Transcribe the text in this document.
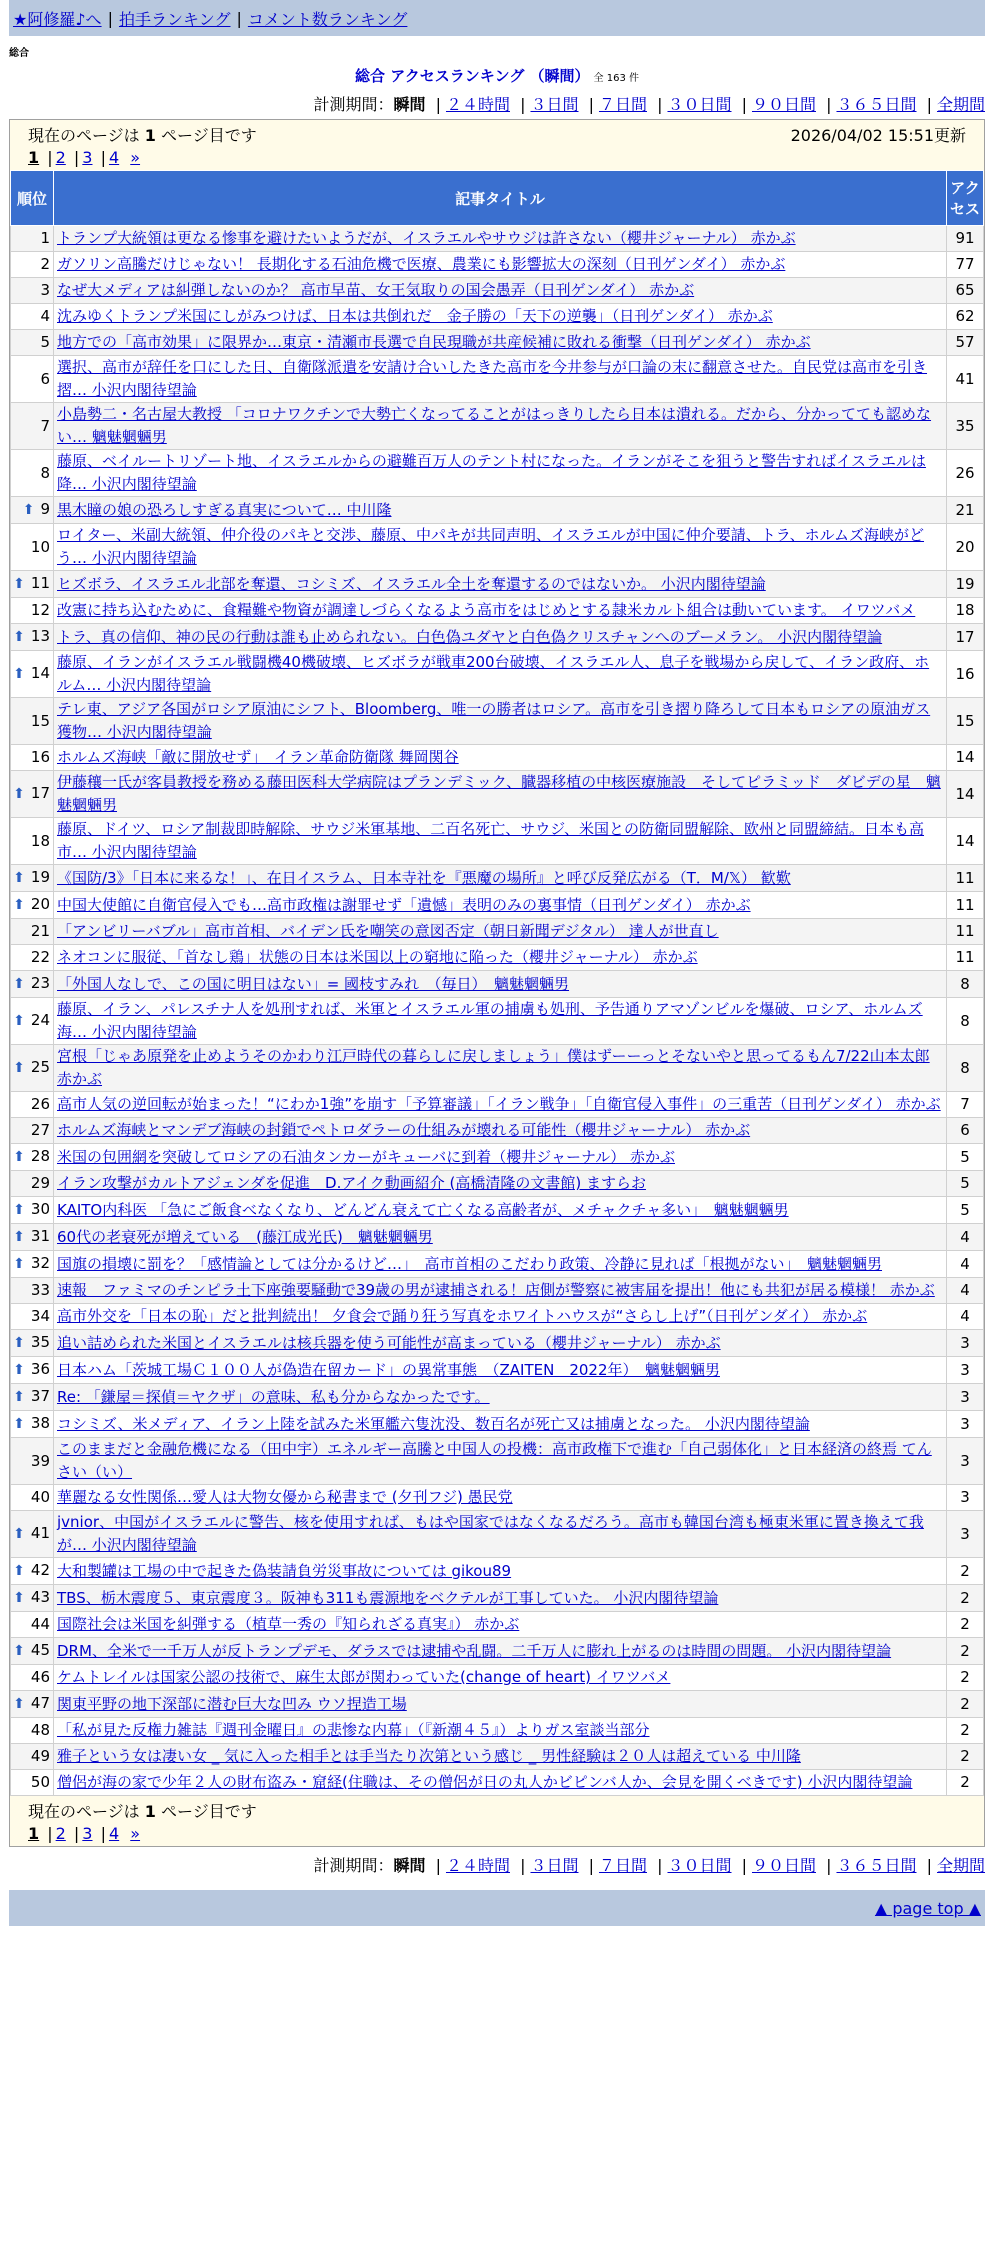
★阿修羅♪へ | 拍手ランキング | コメント数ランキング
総合
総合 アクセスランキング （瞬間） 全 163 件
計測期間：瞬間 | ２４時間 | ３日間 | ７日間 | ３０日間 | ９０日間 | ３６５日間 | 全期間
現在のページは 1 ページ目です	2026/04/02 15:51更新
1 | 2 | 3 | 4 »
順位	記事タイトル	アクセス
1	トランプ大統領は更なる惨事を避けたいようだが、イスラエルやサウジは許さない（櫻井ジャーナル） 赤かぶ	91
2	ガソリン高騰だけじゃない！ 長期化する石油危機で医療、農業にも影響拡大の深刻（日刊ゲンダイ） 赤かぶ	77
3	なぜ大メディアは糾弾しないのか？ 高市早苗、女王気取りの国会愚弄（日刊ゲンダイ） 赤かぶ	65
4	沈みゆくトランプ米国にしがみつけば、日本は共倒れだ　金子勝の「天下の逆襲」（日刊ゲンダイ） 赤かぶ	62
5	地方での「高市効果」に限界か…東京・清瀬市長選で自民現職が共産候補に敗れる衝撃（日刊ゲンダイ） 赤かぶ	57
6	選択、高市が辞任を口にした日、自衛隊派遣を安請け合いしたきた高市を今井参与が口論の末に翻意させた。自民党は高市を引き摺… 小沢内閣待望論	41
7	小島勢二・名古屋大教授 「コロナワクチンで大勢亡くなってることがはっきりしたら日本は潰れる。だから、分かってても認めない… 魑魅魍魎男	35
8	藤原、ベイルートリゾート地、イスラエルからの避難百万人のテント村になった。イランがそこを狙うと警告すればイスラエルは降… 小沢内閣待望論	26
⬆ 9	黒木瞳の娘の恐ろしすぎる真実について… 中川隆	21
10	ロイター、米副大統領、仲介役のパキと交渉、藤原、中パキが共同声明、イスラエルが中国に仲介要請、トラ、ホルムズ海峡がどう… 小沢内閣待望論	20
⬆ 11	ヒズボラ、イスラエル北部を奪還、コシミズ、イスラエル全土を奪還するのではないか。 小沢内閣待望論	19
12	改憲に持ち込むために、食糧難や物資が調達しづらくなるよう高市をはじめとする隷米カルト組合は動いています。 イワツバメ	18
⬆ 13	トラ、真の信仰、神の民の行動は誰も止められない。白色偽ユダヤと白色偽クリスチャンへのブーメラン。 小沢内閣待望論	17
⬆ 14	藤原、イランがイスラエル戦闘機40機破壊、ヒズボラが戦車200台破壊、イスラエル人、息子を戦場から戻して、イラン政府、ホルム… 小沢内閣待望論	16
15	テレ東、アジア各国がロシア原油にシフト、Bloomberg、唯一の勝者はロシア。高市を引き摺り降ろして日本もロシアの原油ガス獲物… 小沢内閣待望論	15
16	ホルムズ海峡「敵に開放せず」　イラン革命防衛隊 舞岡関谷	14
⬆ 17	伊藤穰一氏が客員教授を務める藤田医科大学病院はプランデミック、臓器移植の中核医療施設　そしてピラミッド　ダビデの星　魑魅魍魎男	14
18	藤原、ドイツ、ロシア制裁即時解除、サウジ米軍基地、二百名死亡、サウジ、米国との防衛同盟解除、欧州と同盟締結。日本も高市… 小沢内閣待望論	14
⬆ 19	《国防/3》「日本に来るな！」、在日イスラム、日本寺社を『悪魔の場所』と呼び反発広がる（T．M/𝕏） 歓歎	11
⬆ 20	中国大使館に自衛官侵入でも…高市政権は謝罪せず「遺憾」表明のみの裏事情（日刊ゲンダイ） 赤かぶ	11
21	「アンビリーバブル」高市首相、バイデン氏を嘲笑の意図否定（朝日新聞デジタル） 達人が世直し	11
22	ネオコンに服従、「首なし鶏」状態の日本は米国以上の窮地に陥った（櫻井ジャーナル） 赤かぶ	11
⬆ 23	「外国人なしで、この国に明日はない」= 國枝すみれ　（毎日）　魑魅魍魎男	8
⬆ 24	藤原、イラン、パレスチナ人を処刑すれば、米軍とイスラエル軍の捕虜も処刑、予告通りアマゾンビルを爆破、ロシア、ホルムズ海… 小沢内閣待望論	8
⬆ 25	宮根「じゃあ原発を止めようそのかわり江戸時代の暮らしに戻しましょう」僕はずーーっとそないやと思ってるもん7/22山本太郎 赤かぶ	8
26	高市人気の逆回転が始まった！“にわか1強”を崩す「予算審議」「イラン戦争」「自衛官侵入事件」の三重苦（日刊ゲンダイ） 赤かぶ	7
27	ホルムズ海峡とマンデブ海峡の封鎖でペトロダラーの仕組みが壊れる可能性（櫻井ジャーナル） 赤かぶ	6
⬆ 28	米国の包囲網を突破してロシアの石油タンカーがキューバに到着（櫻井ジャーナル） 赤かぶ	5
29	イラン攻撃がカルトアジェンダを促進　D.アイク動画紹介 (高橋清隆の文書館) ますらお	5
⬆ 30	KAITO内科医 「急にご飯食べなくなり、どんどん衰えて亡くなる高齢者が、メチャクチャ多い」　魑魅魍魎男	5
⬆ 31	60代の老衰死が増えている　(藤江成光氏)　魑魅魍魎男	4
⬆ 32	国旗の損壊に罰を？「感情論としては分かるけど…」　高市首相のこだわり政策、冷静に見れば「根拠がない」　魑魅魍魎男	4
33	速報　ファミマのチンピラ土下座強要騒動で39歳の男が逮捕される！店側が警察に被害届を提出！他にも共犯が居る模様！ 赤かぶ	4
34	高市外交を「日本の恥」だと批判続出！ 夕食会で踊り狂う写真をホワイトハウスが“さらし上げ”（日刊ゲンダイ） 赤かぶ	4
⬆ 35	追い詰められた米国とイスラエルは核兵器を使う可能性が高まっている（櫻井ジャーナル） 赤かぶ	3
⬆ 36	日本ハム「茨城工場Ｃ１００人が偽造在留カード」の異常事態　（ZAITEN　2022年）　魑魅魍魎男	3
⬆ 37	Re: 「鎌屋＝探偵＝ヤクザ」の意味、私も分からなかったです。	3
⬆ 38	コシミズ、米メディア、イラン上陸を試みた米軍艦六隻沈没、数百名が死亡又は捕虜となった。 小沢内閣待望論	3
39	このままだと金融危機になる（田中宇）エネルギー高騰と中国人の投機：高市政権下で進む「自己弱体化」と日本経済の終焉 てんさい（い）	3
40	華麗なる女性関係…愛人は大物女優から秘書まで (夕刊フジ) 愚民党	3
⬆ 41	jvnior、中国がイスラエルに警告、核を使用すれば、もはや国家ではなくなるだろう。高市も韓国台湾も極東米軍に置き換えて我が… 小沢内閣待望論	3
⬆ 42	大和製罐は工場の中で起きた偽装請負労災事故については gikou89	2
⬆ 43	TBS、栃木震度５、東京震度３。阪神も311も震源地をベクテルが工事していた。 小沢内閣待望論	2
44	国際社会は米国を糾弾する（植草一秀の『知られざる真実』） 赤かぶ	2
⬆ 45	DRM、全米で一千万人が反トランプデモ、ダラスでは逮捕や乱闘。二千万人に膨れ上がるのは時間の問題。 小沢内閣待望論	2
46	ケムトレイルは国家公認の技術で、麻生太郎が関わっていた(change of heart) イワツバメ	2
⬆ 47	関東平野の地下深部に潜む巨大な凹み ウソ捏造工場	2
48	「私が見た反権力雑誌『週刊金曜日』の悲惨な内幕」（『新潮４５』）よりガス室談当部分	2
49	雅子という女は凄い女 _ 気に入った相手とは手当たり次第という感じ _ 男性経験は２０人は超えている 中川隆	2
50	僧侶が海の家で少年２人の財布盗み・窟経(住職は、その僧侶が日の丸人かビピンバ人か、会見を開くべきです) 小沢内閣待望論	2
現在のページは 1 ページ目です
1 | 2 | 3 | 4 »
計測期間：瞬間 | ２４時間 | ３日間 | ７日間 | ３０日間 | ９０日間 | ３６５日間 | 全期間
▲ page top ▲
